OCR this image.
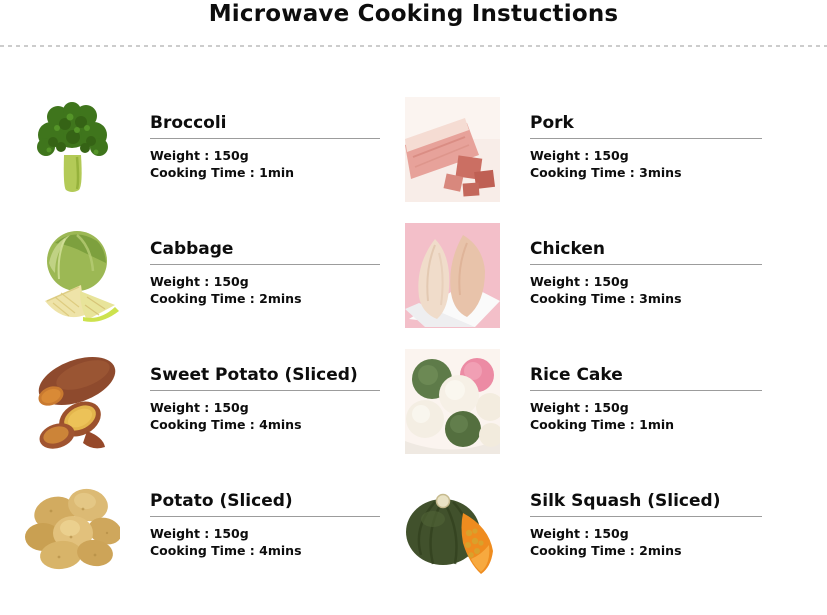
Microwave Cooking Instuctions
Broccoli
Weight : 150g
Cooking Time : 1min
Pork
Weight : 150g
Cooking Time : 3mins
Cabbage
Weight : 150g
Cooking Time : 2mins
Chicken
Weight : 150g
Cooking Time : 3mins
Sweet Potato (Sliced)
Weight : 150g
Cooking Time : 4mins
Rice Cake
Weight : 150g
Cooking Time : 1min
Potato (Sliced)
Weight : 150g
Cooking Time : 4mins
Silk Squash (Sliced)
Weight : 150g
Cooking Time : 2mins
